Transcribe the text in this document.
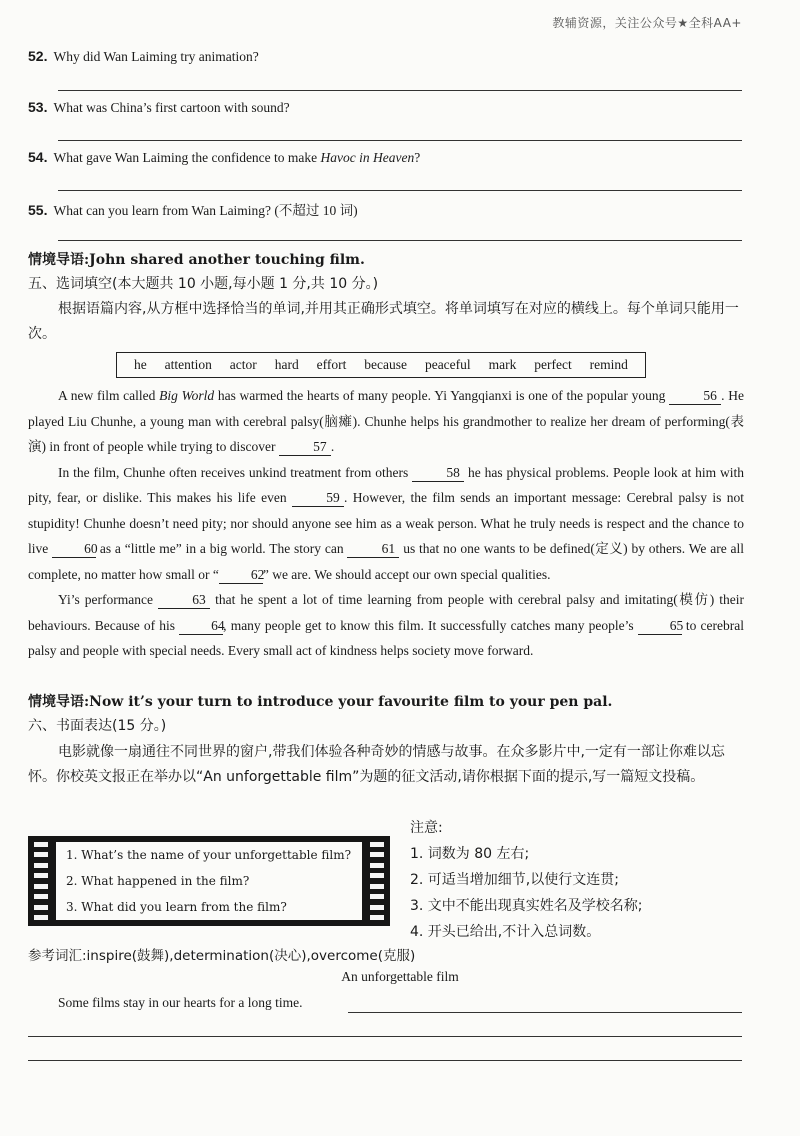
教辅资源，关注公众号★全科AA+
52. Why did Wan Laiming try animation?
53. What was China’s first cartoon with sound?
54. What gave Wan Laiming the confidence to make Havoc in Heaven?
55. What can you learn from Wan Laiming? (不超过 10 词)
情境导语:John shared another touching film.
五、选词填空(本大题共 10 小题,每小题 1 分,共 10 分。)
根据语篇内容,从方框中选择恰当的单词,并用其正确形式填空。将单词填写在对应的横线上。每个单词只能用一次。
he attention actor hard effort because peaceful mark perfect remind

A new film called Big World has warmed the hearts of many people. Yi Yangqianxi is one of the popular young	56 . He played Liu Chunhe, a young man with cerebral palsy(脑瘫). Chunhe helps his grandmother to realize her dream of performing(表演) in front of people while trying to discover	57 .

In the film, Chunhe often receives unkind treatment from others	58 he has physical problems. People look at him with pity, fear, or dislike. This makes his life even	59 . However, the film sends an important message: Cerebral palsy is not stupidity! Chunhe doesn’t need pity; nor should anyone see him as a weak person. What he truly needs is respect and the chance to live 60 as a “little me” in a big world. The story can	61 us that no one wants to be defined(定义) by others. We are all complete, no matter how small or “ 62” we are. We should accept our own special qualities.

Yi’s performance	63 that he spent a lot of time learning from people with cerebral palsy and imitating(模仿) their behaviours. Because of his 64, many people get to know this film. It successfully catches many people’s 65 to cerebral palsy and people with special needs. Every small act of kindness helps society move forward.

情境导语:Now it’s your turn to introduce your favourite film to your pen pal.
六、书面表达(15 分。)
电影就像一扇通往不同世界的窗户,带我们体验各种奇妙的情感与故事。在众多影片中,一定有一部让你难以忘怀。你校英文报正在举办以“An unforgettable film”为题的征文活动,请你根据下面的提示,写一篇短文投稿。
1. What’s the name of your unforgettable film?
2. What happened in the film?
3. What did you learn from the film?
注意:
1. 词数为 80 左右;
2. 可适当增加细节,以使行文连贯;
3. 文中不能出现真实姓名及学校名称;
4. 开头已给出,不计入总词数。
参考词汇:inspire(鼓舞),determination(决心),overcome(克服)
An unforgettable film
Some films stay in our hearts for a long time.
